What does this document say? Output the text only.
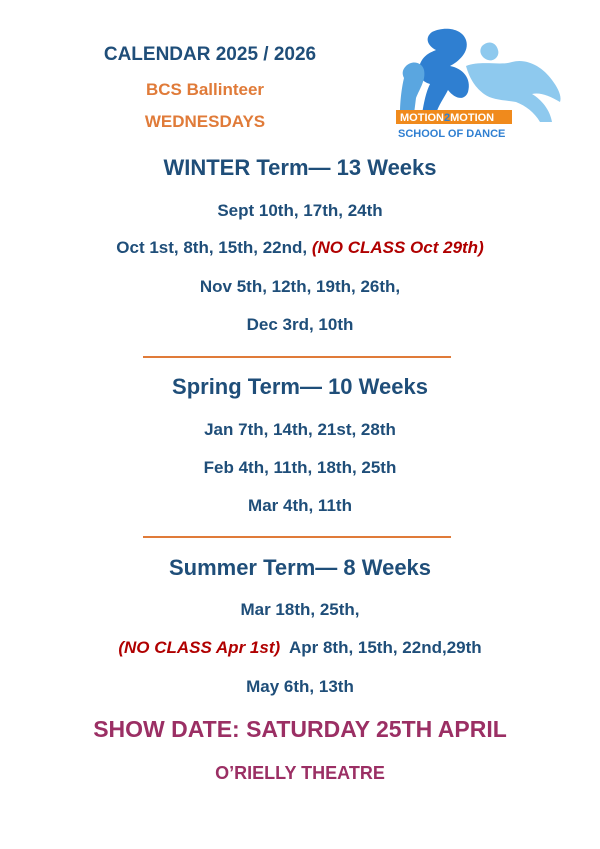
CALENDAR 2025 / 2026
BCS Ballinteer
WEDNESDAYS	MOTION2MOTION
SCHOOL OF DANCE
WINTER Term— 13 Weeks
Sept 10th, 17th, 24th
Oct 1st, 8th, 15th, 22nd, (NO CLASS Oct 29th)
Nov 5th, 12th, 19th, 26th,
Dec 3rd, 10th
Spring Term— 10 Weeks
Jan 7th, 14th, 21st, 28th
Feb 4th, 11th, 18th, 25th
Mar 4th, 11th
Summer Term— 8 Weeks
Mar 18th, 25th,
(NO CLASS Apr 1st)  Apr 8th, 15th, 22nd,29th
May 6th, 13th
SHOW DATE: SATURDAY 25TH APRIL
O’RIELLY THEATRE
